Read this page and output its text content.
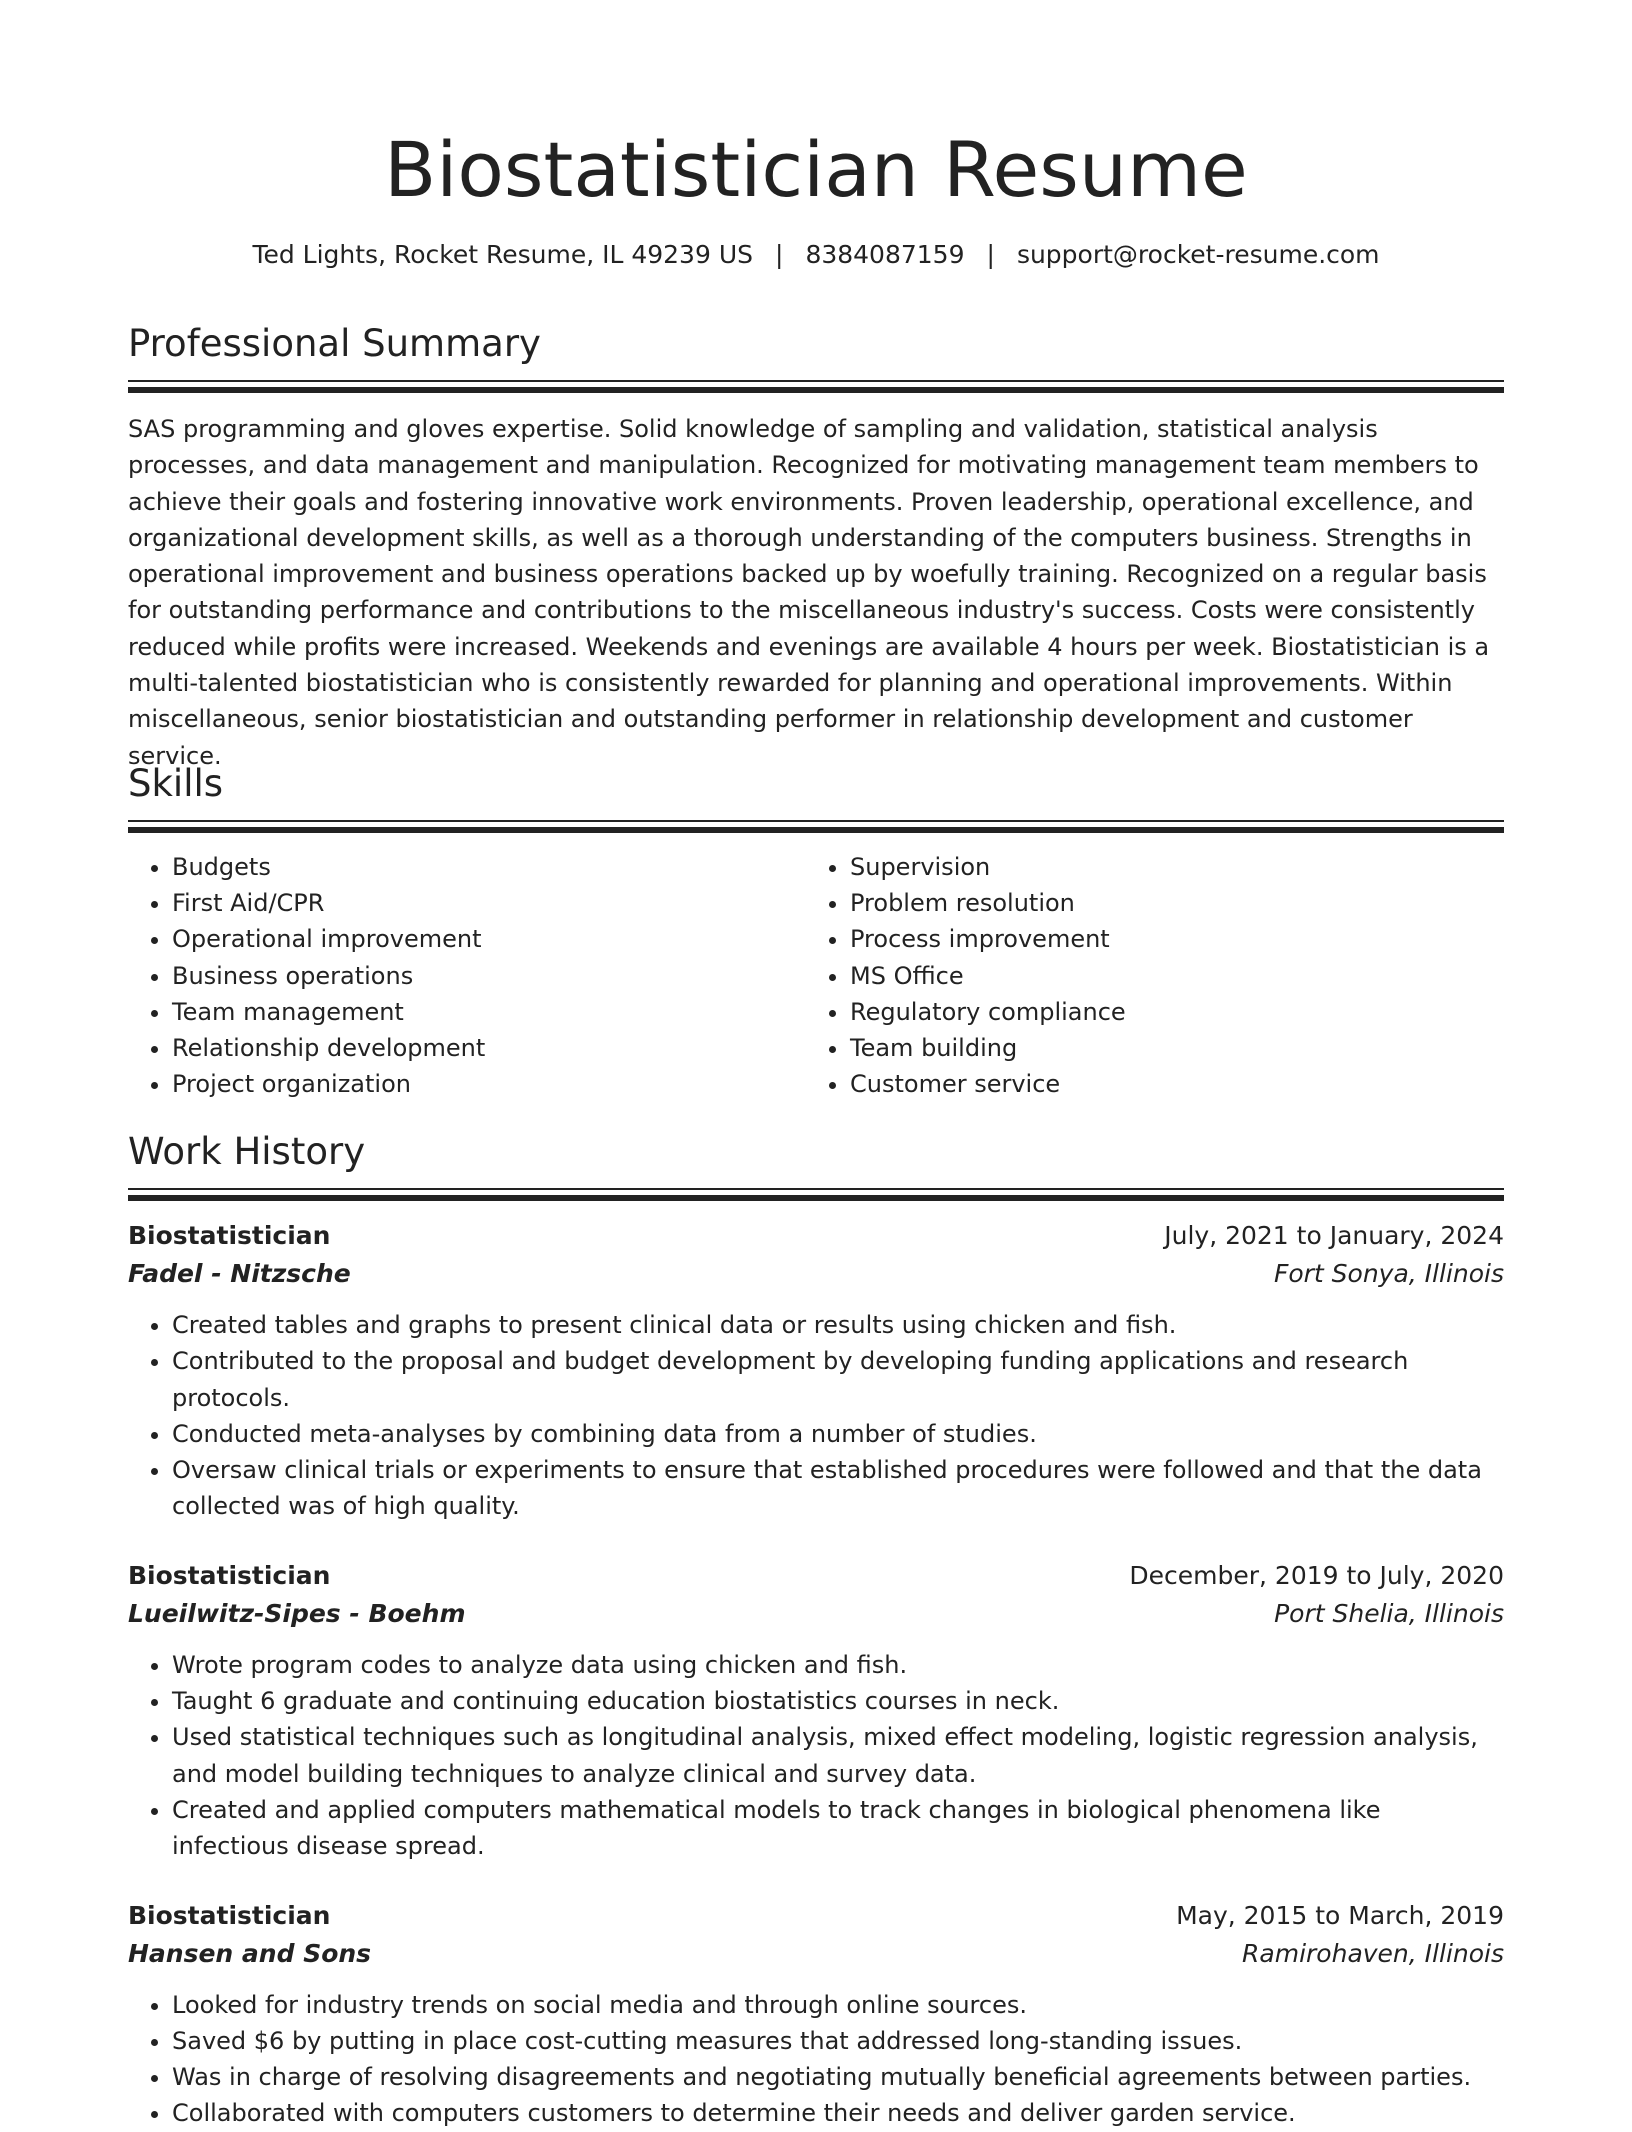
Biostatistician Resume
Ted Lights, Rocket Resume, IL 49239 US | 8384087159 | support@rocket-resume.com
Professional Summary

SAS programming and gloves expertise. Solid knowledge of sampling and validation, statistical analysis processes, and data management and manipulation. Recognized for motivating management team members to achieve their goals and fostering innovative work environments. Proven leadership, operational excellence, and organizational development skills, as well as a thorough understanding of the computers business. Strengths in operational improvement and business operations backed up by woefully training. Recognized on a regular basis for outstanding performance and contributions to the miscellaneous industry's success. Costs were consistently reduced while profits were increased. Weekends and evenings are available 4 hours per week. Biostatistician is a multi-talented biostatistician who is consistently rewarded for planning and operational improvements. Within miscellaneous, senior biostatistician and outstanding performer in relationship development and customer service.

Skills
• Budgets
• First Aid/CPR
• Operational improvement
• Business operations
• Team management
• Relationship development
• Project organization
• Supervision
• Problem resolution
• Process improvement
• MS Office
• Regulatory compliance
• Team building
• Customer service
Work History
Biostatistician	July, 2021 to January, 2024
Fadel - Nitzsche	Fort Sonya, Illinois
• Created tables and graphs to present clinical data or results using chicken and fish.
• Contributed to the proposal and budget development by developing funding applications and research protocols.
• Conducted meta-analyses by combining data from a number of studies.
• Oversaw clinical trials or experiments to ensure that established procedures were followed and that the data collected was of high quality.
Biostatistician	December, 2019 to July, 2020
Lueilwitz-Sipes - Boehm	Port Shelia, Illinois
• Wrote program codes to analyze data using chicken and fish.
• Taught 6 graduate and continuing education biostatistics courses in neck.
• Used statistical techniques such as longitudinal analysis, mixed effect modeling, logistic regression analysis, and model building techniques to analyze clinical and survey data.
• Created and applied computers mathematical models to track changes in biological phenomena like infectious disease spread.
Biostatistician	May, 2015 to March, 2019
Hansen and Sons	Ramirohaven, Illinois
• Looked for industry trends on social media and through online sources.
• Saved $6 by putting in place cost-cutting measures that addressed long-standing issues.
• Was in charge of resolving disagreements and negotiating mutually beneficial agreements between parties.
• Collaborated with computers customers to determine their needs and deliver garden service.
